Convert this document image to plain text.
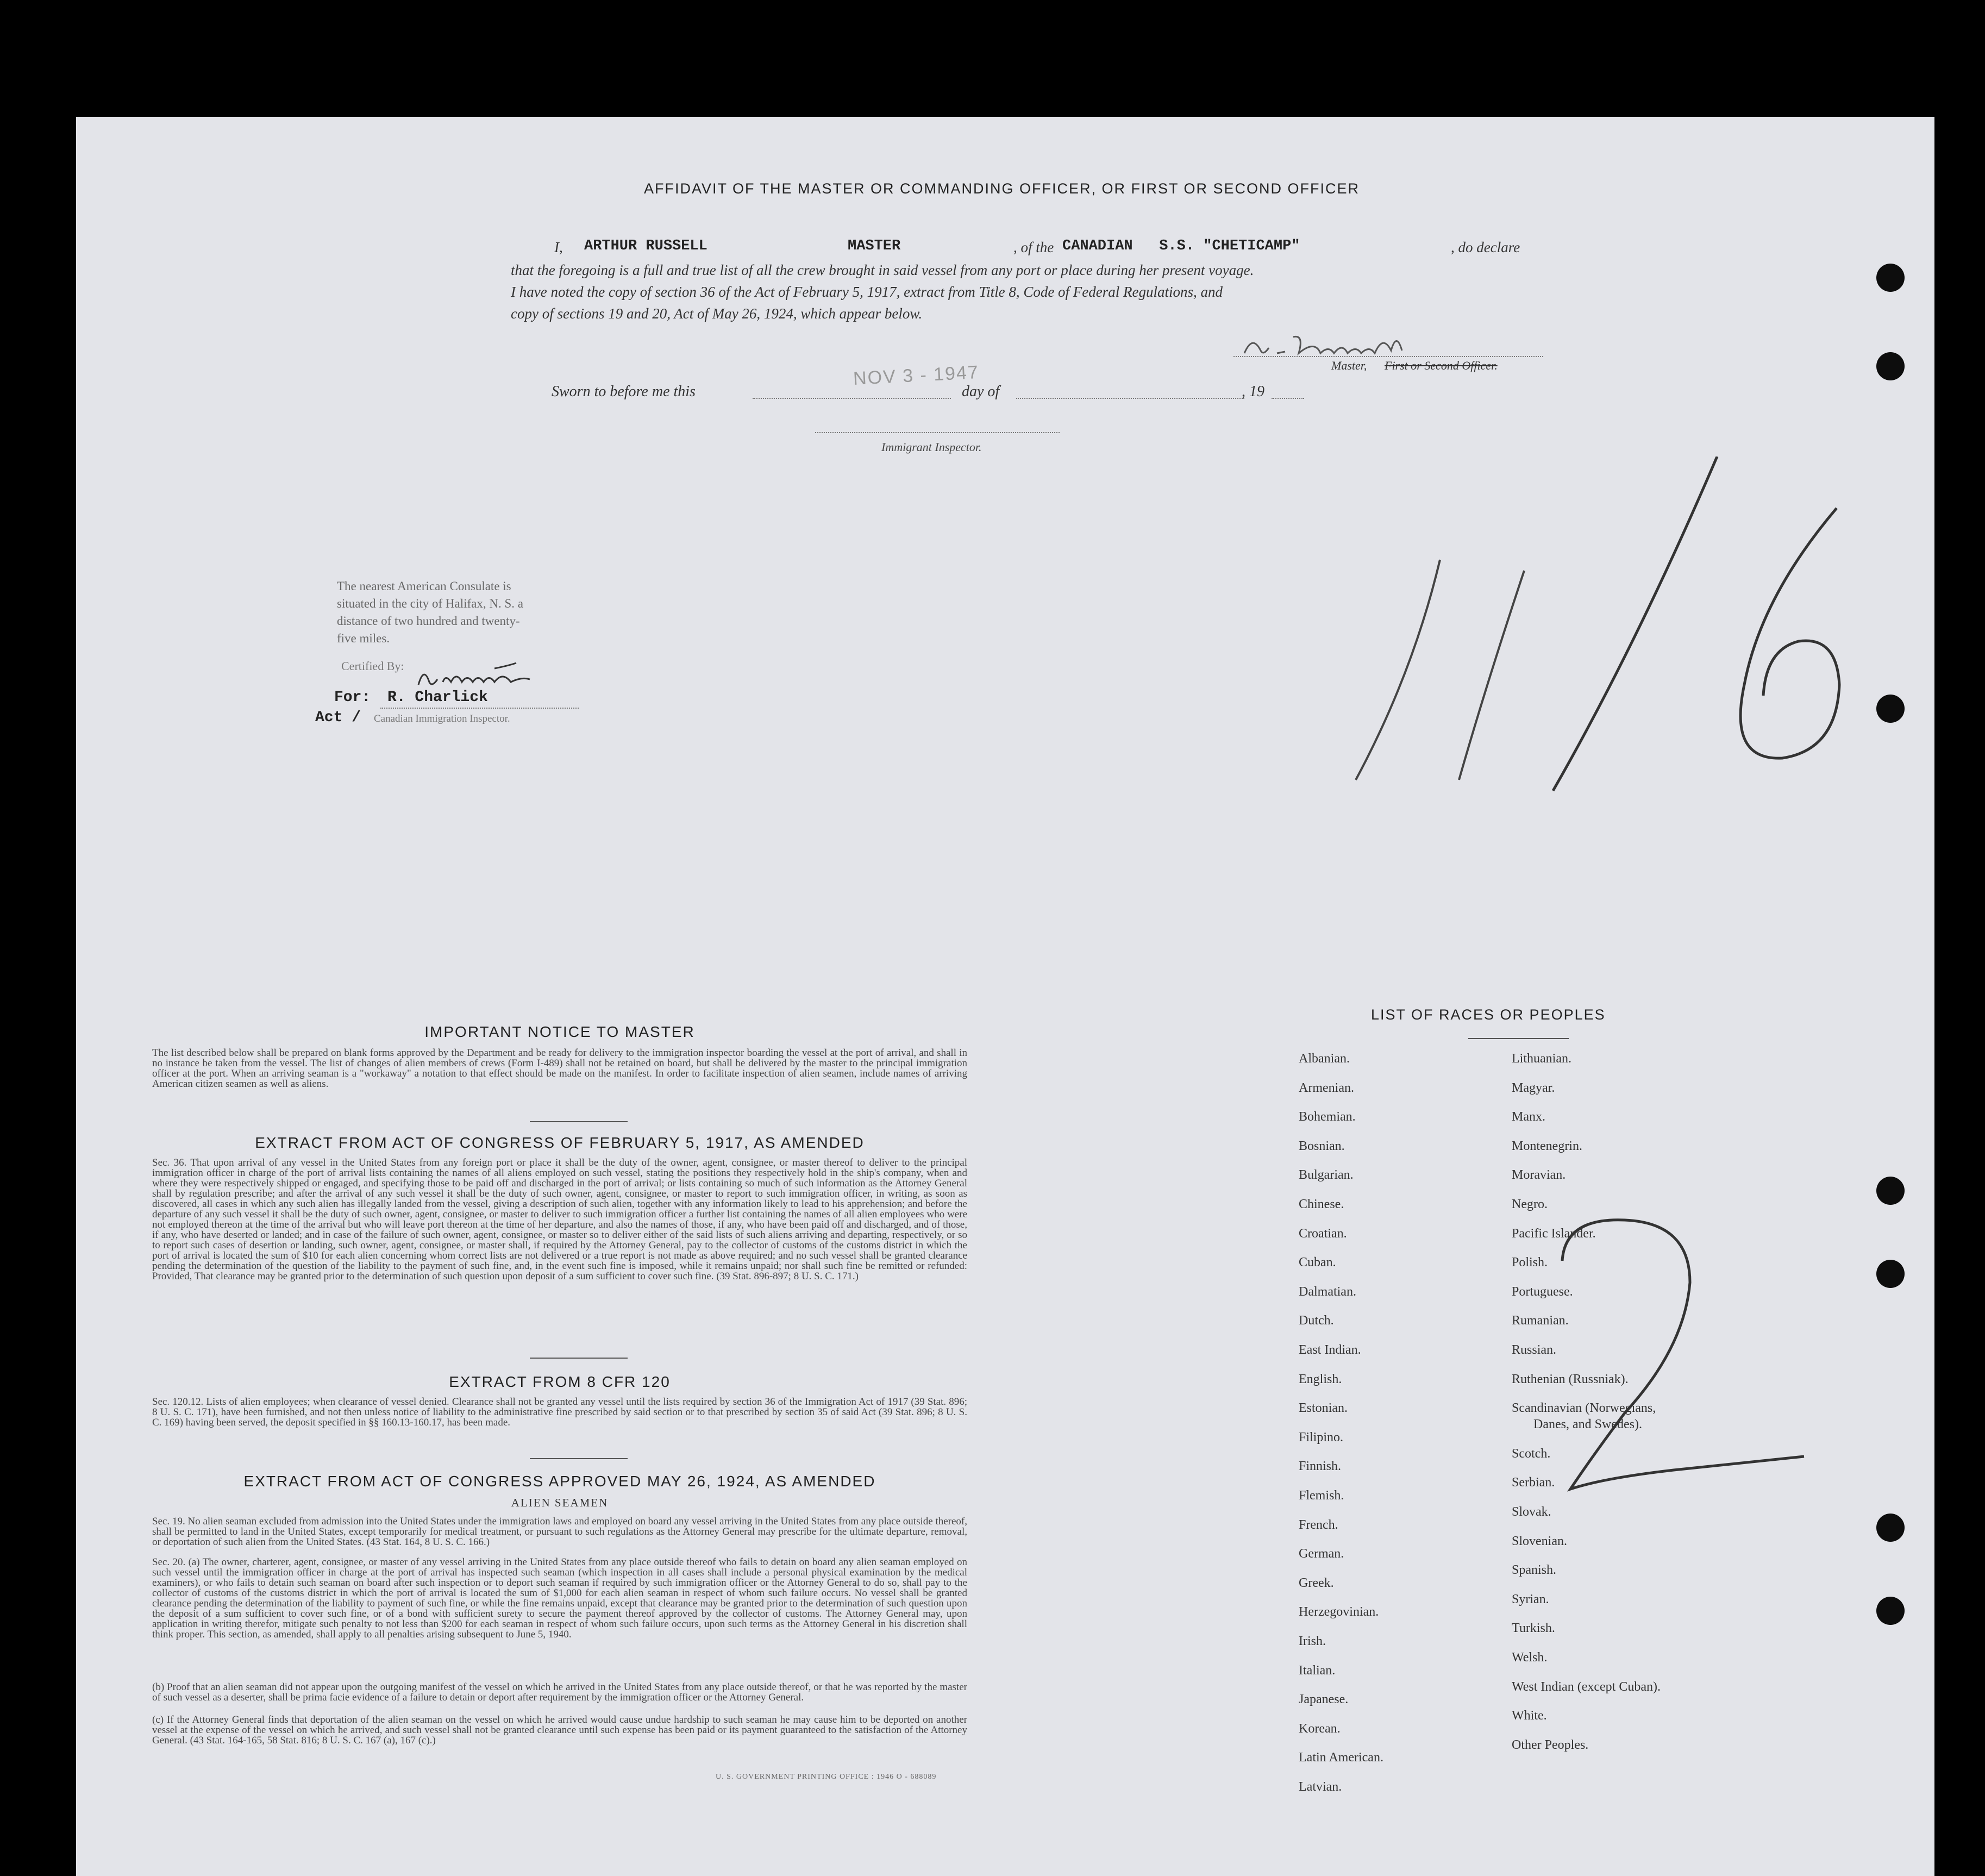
AFFIDAVIT OF THE MASTER OR COMMANDING OFFICER, OR FIRST OR SECOND OFFICER
I, ARTHUR RUSSELL	MASTER	, of the CANADIAN   S.S. "CHETICAMP"	, do declare
that the foregoing is a full and true list of all the crew brought in said vessel from any port or place during her present voyage.
I have noted the copy of section 36 of the Act of February 5, 1917, extract from Title 8, Code of Federal Regulations, and
copy of sections 19 and 20, Act of May 26, 1924, which appear below.
Master, First or Second Officer.
Sworn to before me this
NOV 3 - 1947
day of	, 19
Immigrant Inspector.
The nearest American Consulate is
situated in the city of Halifax, N. S. a
distance of two hundred and twenty-
five miles.
Certified By:
For: R. Charlick
Act / Canadian Immigration Inspector.
IMPORTANT NOTICE TO MASTER
The list described below shall be prepared on blank forms approved by the Department and be ready for delivery to the immigration inspector boarding the vessel at the port of arrival, and shall in no instance be taken from the vessel. The list of changes of alien members of crews (Form I-489) shall not be retained on board, but shall be delivered by the master to the principal immigration officer at the port. When an arriving seaman is a "workaway" a notation to that effect should be made on the manifest. In order to facilitate inspection of alien seamen, include names of arriving American citizen seamen as well as aliens.
EXTRACT FROM ACT OF CONGRESS OF FEBRUARY 5, 1917, AS AMENDED
Sec. 36. That upon arrival of any vessel in the United States from any foreign port or place it shall be the duty of the owner, agent, consignee, or master thereof to deliver to the principal immigration officer in charge of the port of arrival lists containing the names of all aliens employed on such vessel, stating the positions they respectively hold in the ship's company, when and where they were respectively shipped or engaged, and specifying those to be paid off and discharged in the port of arrival; or lists containing so much of such information as the Attorney General shall by regulation prescribe; and after the arrival of any such vessel it shall be the duty of such owner, agent, consignee, or master to report to such immigration officer, in writing, as soon as discovered, all cases in which any such alien has illegally landed from the vessel, giving a description of such alien, together with any information likely to lead to his apprehension; and before the departure of any such vessel it shall be the duty of such owner, agent, consignee, or master to deliver to such immigration officer a further list containing the names of all alien employees who were not employed thereon at the time of the arrival but who will leave port thereon at the time of her departure, and also the names of those, if any, who have been paid off and discharged, and of those, if any, who have deserted or landed; and in case of the failure of such owner, agent, consignee, or master so to deliver either of the said lists of such aliens arriving and departing, respectively, or so to report such cases of desertion or landing, such owner, agent, consignee, or master shall, if required by the Attorney General, pay to the collector of customs of the customs district in which the port of arrival is located the sum of $10 for each alien concerning whom correct lists are not delivered or a true report is not made as above required; and no such vessel shall be granted clearance pending the determination of the question of the liability to the payment of such fine, and, in the event such fine is imposed, while it remains unpaid; nor shall such fine be remitted or refunded: Provided, That clearance may be granted prior to the determination of such question upon deposit of a sum sufficient to cover such fine. (39 Stat. 896-897; 8 U. S. C. 171.)
EXTRACT FROM 8 CFR 120
Sec. 120.12. Lists of alien employees; when clearance of vessel denied. Clearance shall not be granted any vessel until the lists required by section 36 of the Immigration Act of 1917 (39 Stat. 896; 8 U. S. C. 171), have been furnished, and not then unless notice of liability to the administrative fine prescribed by said section or to that prescribed by section 35 of said Act (39 Stat. 896; 8 U. S. C. 169) having been served, the deposit specified in §§ 160.13-160.17, has been made.
EXTRACT FROM ACT OF CONGRESS APPROVED MAY 26, 1924, AS AMENDED
ALIEN SEAMEN
Sec. 19. No alien seaman excluded from admission into the United States under the immigration laws and employed on board any vessel arriving in the United States from any place outside thereof, shall be permitted to land in the United States, except temporarily for medical treatment, or pursuant to such regulations as the Attorney General may prescribe for the ultimate departure, removal, or deportation of such alien from the United States. (43 Stat. 164, 8 U. S. C. 166.)
Sec. 20. (a) The owner, charterer, agent, consignee, or master of any vessel arriving in the United States from any place outside thereof who fails to detain on board any alien seaman employed on such vessel until the immigration officer in charge at the port of arrival has inspected such seaman (which inspection in all cases shall include a personal physical examination by the medical examiners), or who fails to detain such seaman on board after such inspection or to deport such seaman if required by such immigration officer or the Attorney General to do so, shall pay to the collector of customs of the customs district in which the port of arrival is located the sum of $1,000 for each alien seaman in respect of whom such failure occurs. No vessel shall be granted clearance pending the determination of the liability to payment of such fine, or while the fine remains unpaid, except that clearance may be granted prior to the determination of such question upon the deposit of a sum sufficient to cover such fine, or of a bond with sufficient surety to secure the payment thereof approved by the collector of customs. The Attorney General may, upon application in writing therefor, mitigate such penalty to not less than $200 for each seaman in respect of whom such failure occurs, upon such terms as the Attorney General in his discretion shall think proper. This section, as amended, shall apply to all penalties arising subsequent to June 5, 1940.
(b) Proof that an alien seaman did not appear upon the outgoing manifest of the vessel on which he arrived in the United States from any place outside thereof, or that he was reported by the master of such vessel as a deserter, shall be prima facie evidence of a failure to detain or deport after requirement by the immigration officer or the Attorney General.
(c) If the Attorney General finds that deportation of the alien seaman on the vessel on which he arrived would cause undue hardship to such seaman he may cause him to be deported on another vessel at the expense of the vessel on which he arrived, and such vessel shall not be granted clearance until such expense has been paid or its payment guaranteed to the satisfaction of the Attorney General. (43 Stat. 164-165, 58 Stat. 816; 8 U. S. C. 167 (a), 167 (c).)
U. S. GOVERNMENT PRINTING OFFICE : 1946 O - 688089
LIST OF RACES OR PEOPLES
Albanian.
Armenian.
Bohemian.
Bosnian.
Bulgarian.
Chinese.
Croatian.
Cuban.
Dalmatian.
Dutch.
East Indian.
English.
Estonian.
Filipino.
Finnish.
Flemish.
French.
German.
Greek.
Herzegovinian.
Irish.
Italian.
Japanese.
Korean.
Latin American.
Latvian.
Lithuanian.
Magyar.
Manx.
Montenegrin.
Moravian.
Negro.
Pacific Islander.
Polish.
Portuguese.
Rumanian.
Russian.
Ruthenian (Russniak).
Scandinavian (Norwegians,
Danes, and Swedes).
Scotch.
Serbian.
Slovak.
Slovenian.
Spanish.
Syrian.
Turkish.
Welsh.
West Indian (except Cuban).
White.
Other Peoples.
